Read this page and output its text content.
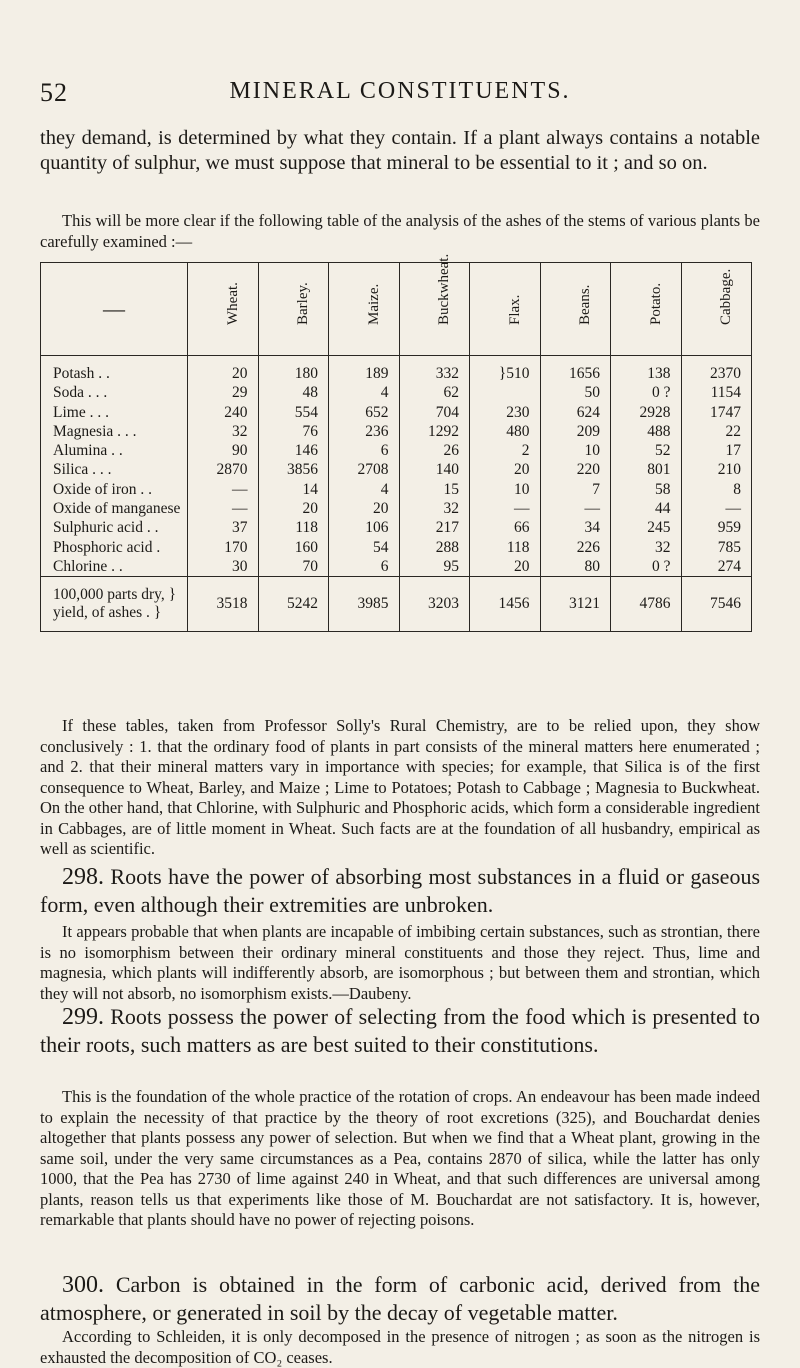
52	MINERAL CONSTITUENTS.

they demand, is determined by what they contain. If a plant always contains a notable quantity of sulphur, we must suppose that mineral to be essential to it ; and so on.

This will be more clear if the following table of the analysis of the ashes of the stems of various plants be carefully examined :—

—	Wheat.	Barley.	Maize.	Buckwheat.	Flax.	Beans.	Potato.	Cabbage.
Potash . .	20	180	189	332	}510	1656	138	2370
Soda . . .	29	48	4	62		50	0 ?	1154
Lime . . .	240	554	652	704	230	624	2928	1747
Magnesia . . .	32	76	236	1292	480	209	488	22
Alumina . .	90	146	6	26	2	10	52	17
Silica . . .	2870	3856	2708	140	20	220	801	210
Oxide of iron . .	—	14	4	15	10	7	58	8
Oxide of manganese	—	20	20	32	—	—	44	—
Sulphuric acid . .	37	118	106	217	66	34	245	959
Phosphoric acid .	170	160	54	288	118	226	32	785
Chlorine . .	30	70	6	95	20	80	0 ?	274
100,000 parts dry, } yield, of ashes . }	3518	5242	3985	3203	1456	3121	4786	7546

If these tables, taken from Professor Solly's Rural Chemistry, are to be relied upon, they show conclusively : 1. that the ordinary food of plants in part consists of the mineral matters here enumerated ; and 2. that their mineral matters vary in importance with species; for example, that Silica is of the first consequence to Wheat, Barley, and Maize ; Lime to Potatoes; Potash to Cabbage ; Magnesia to Buckwheat. On the other hand, that Chlorine, with Sulphuric and Phosphoric acids, which form a considerable ingredient in Cabbages, are of little moment in Wheat. Such facts are at the foundation of all husbandry, empirical as well as scientific.

298. Roots have the power of absorbing most substances in a fluid or gaseous form, even although their extremities are unbroken.

It appears probable that when plants are incapable of imbibing certain substances, such as strontian, there is no isomorphism between their ordinary mineral constituents and those they reject. Thus, lime and magnesia, which plants will indifferently absorb, are isomorphous ; but between them and strontian, which they will not absorb, no isomorphism exists.—Daubeny.

299. Roots possess the power of selecting from the food which is presented to their roots, such matters as are best suited to their constitutions.

This is the foundation of the whole practice of the rotation of crops. An endeavour has been made indeed to explain the necessity of that practice by the theory of root excretions (325), and Bouchardat denies altogether that plants possess any power of selection. But when we find that a Wheat plant, growing in the same soil, under the very same circumstances as a Pea, contains 2870 of silica, while the latter has only 1000, that the Pea has 2730 of lime against 240 in Wheat, and that such differences are universal among plants, reason tells us that experiments like those of M. Bouchardat are not satisfactory. It is, however, remarkable that plants should have no power of rejecting poisons.

300. Carbon is obtained in the form of carbonic acid, derived from the atmosphere, or generated in soil by the decay of vegetable matter.

According to Schleiden, it is only decomposed in the presence of nitrogen ; as soon as the nitrogen is exhausted the decomposition of CO₂ ceases.
